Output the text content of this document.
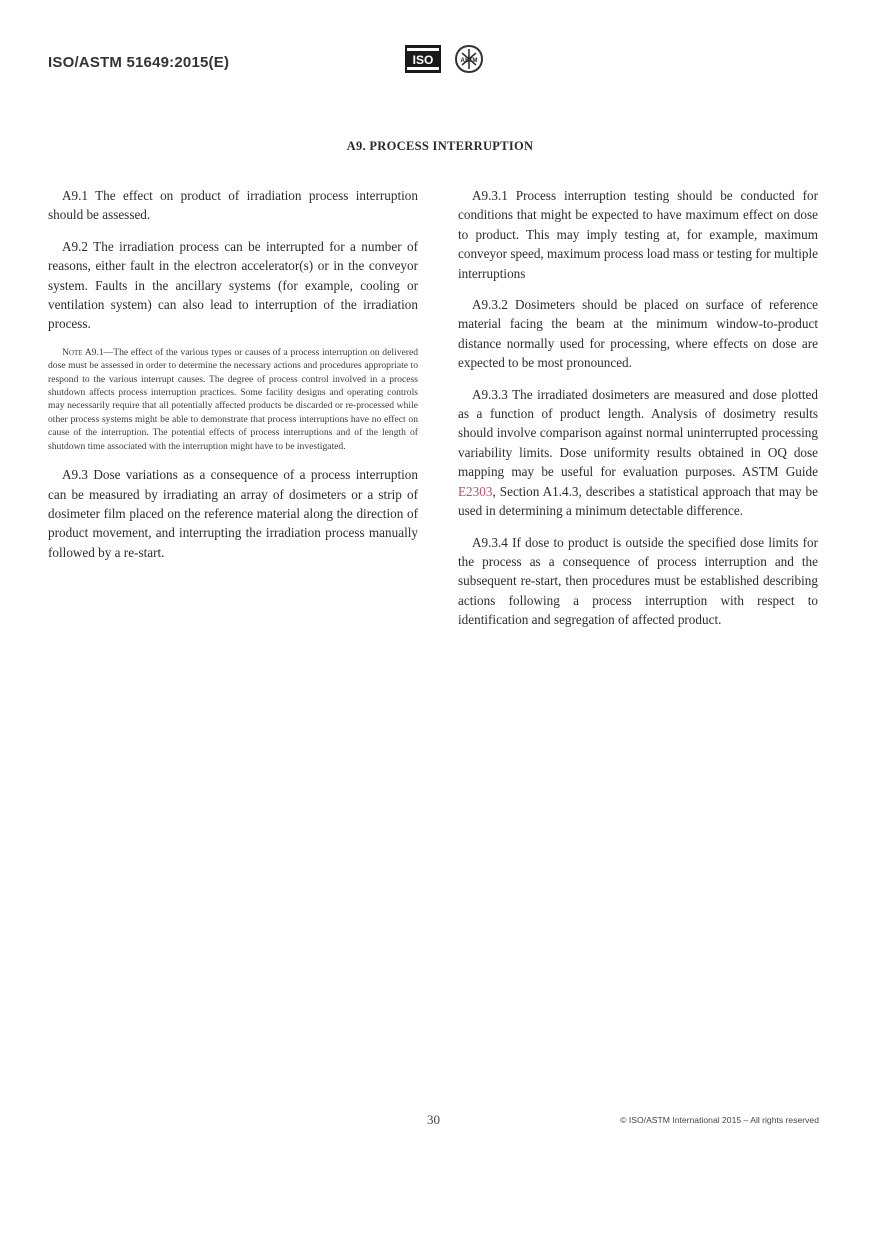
ISO/ASTM 51649:2015(E)	ISO	ASTM
A9. PROCESS INTERRUPTION

A9.1 The effect on product of irradiation process interruption should be assessed.

A9.2 The irradiation process can be interrupted for a number of reasons, either fault in the electron accelerator(s) or in the conveyor system. Faults in the ancillary systems (for example, cooling or ventilation system) can also lead to interruption of the irradiation process.

Note A9.1—The effect of the various types or causes of a process interruption on delivered dose must be assessed in order to determine the necessary actions and procedures appropriate to respond to the various interrupt causes. The degree of process control involved in a process shutdown affects process interruption practices. Some facility designs and operating controls may necessarily require that all potentially affected products be discarded or re-processed while other process systems might be able to demonstrate that process interruptions have no effect on cause of the interruption. The potential effects of process interruptions and of the length of shutdown time associated with the interruption might have to be investigated.

A9.3 Dose variations as a consequence of a process interruption can be measured by irradiating an array of dosimeters or a strip of dosimeter film placed on the reference material along the direction of product movement, and interrupting the irradiation process manually followed by a re-start.

A9.3.1 Process interruption testing should be conducted for conditions that might be expected to have maximum effect on dose to product. This may imply testing at, for example, maximum conveyor speed, maximum process load mass or testing for multiple interruptions

A9.3.2 Dosimeters should be placed on surface of reference material facing the beam at the minimum window-to-product distance normally used for processing, where effects on dose are expected to be most pronounced.

A9.3.3 The irradiated dosimeters are measured and dose plotted as a function of product length. Analysis of dosimetry results should involve comparison against normal uninterrupted processing variability limits. Dose uniformity results obtained in OQ dose mapping may be useful for evaluation purposes. ASTM Guide E2303, Section A1.4.3, describes a statistical approach that may be used in determining a minimum detectable difference.

A9.3.4 If dose to product is outside the specified dose limits for the process as a consequence of process interruption and the subsequent re-start, then procedures must be established describing actions following a process interruption with respect to identification and segregation of affected product.

30	© ISO/ASTM International 2015 – All rights reserved
